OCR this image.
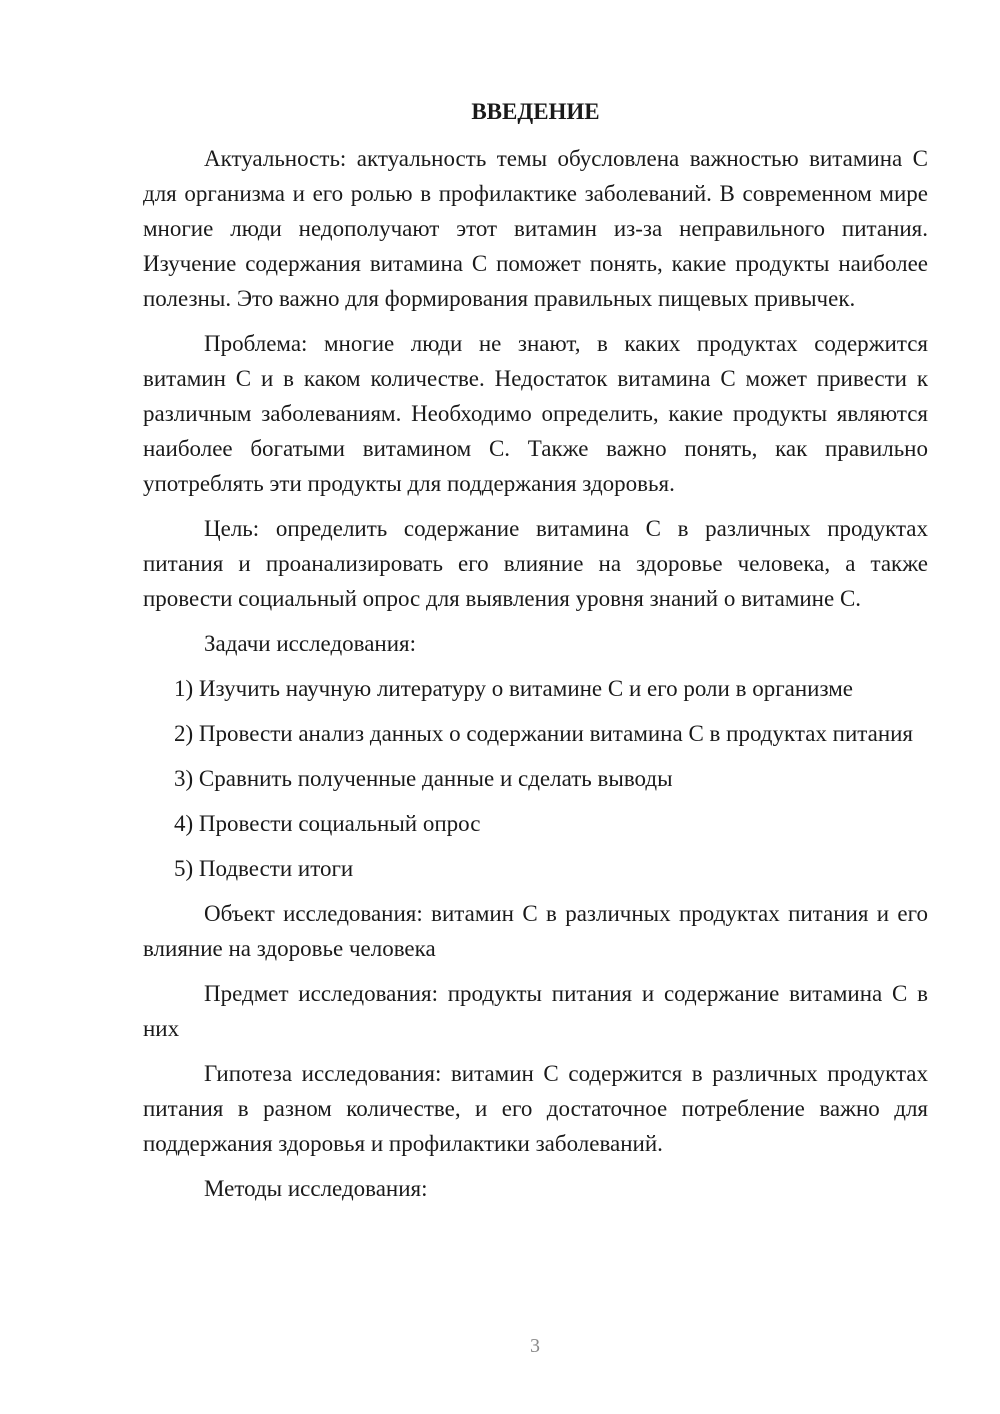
ВВЕДЕНИЕ

Актуальность: актуальность темы обусловлена важностью витамина С для организма и его ролью в профилактике заболеваний. В современном мире многие люди недополучают этот витамин из-за неправильного питания. Изучение содержания витамина С поможет понять, какие продукты наиболее полезны. Это важно для формирования правильных пищевых привычек.

Проблема: многие люди не знают, в каких продуктах содержится витамин С и в каком количестве. Недостаток витамина С может привести к различным заболеваниям. Необходимо определить, какие продукты являются наиболее богатыми витамином С. Также важно понять, как правильно употреблять эти продукты для поддержания здоровья.

Цель: определить содержание витамина С в различных продуктах питания и проанализировать его влияние на здоровье человека, а также провести социальный опрос для выявления уровня знаний о витамине С.

Задачи исследования:

1) Изучить научную литературу о витамине С и его роли в организме

2) Провести анализ данных о содержании витамина С в продуктах питания

3) Сравнить полученные данные и сделать выводы

4) Провести социальный опрос

5) Подвести итоги

Объект исследования: витамин С в различных продуктах питания и его влияние на здоровье человека

Предмет исследования: продукты питания и содержание витамина С в них

Гипотеза исследования: витамин С содержится в различных продуктах питания в разном количестве, и его достаточное потребление важно для поддержания здоровья и профилактики заболеваний.

Методы исследования:

3
